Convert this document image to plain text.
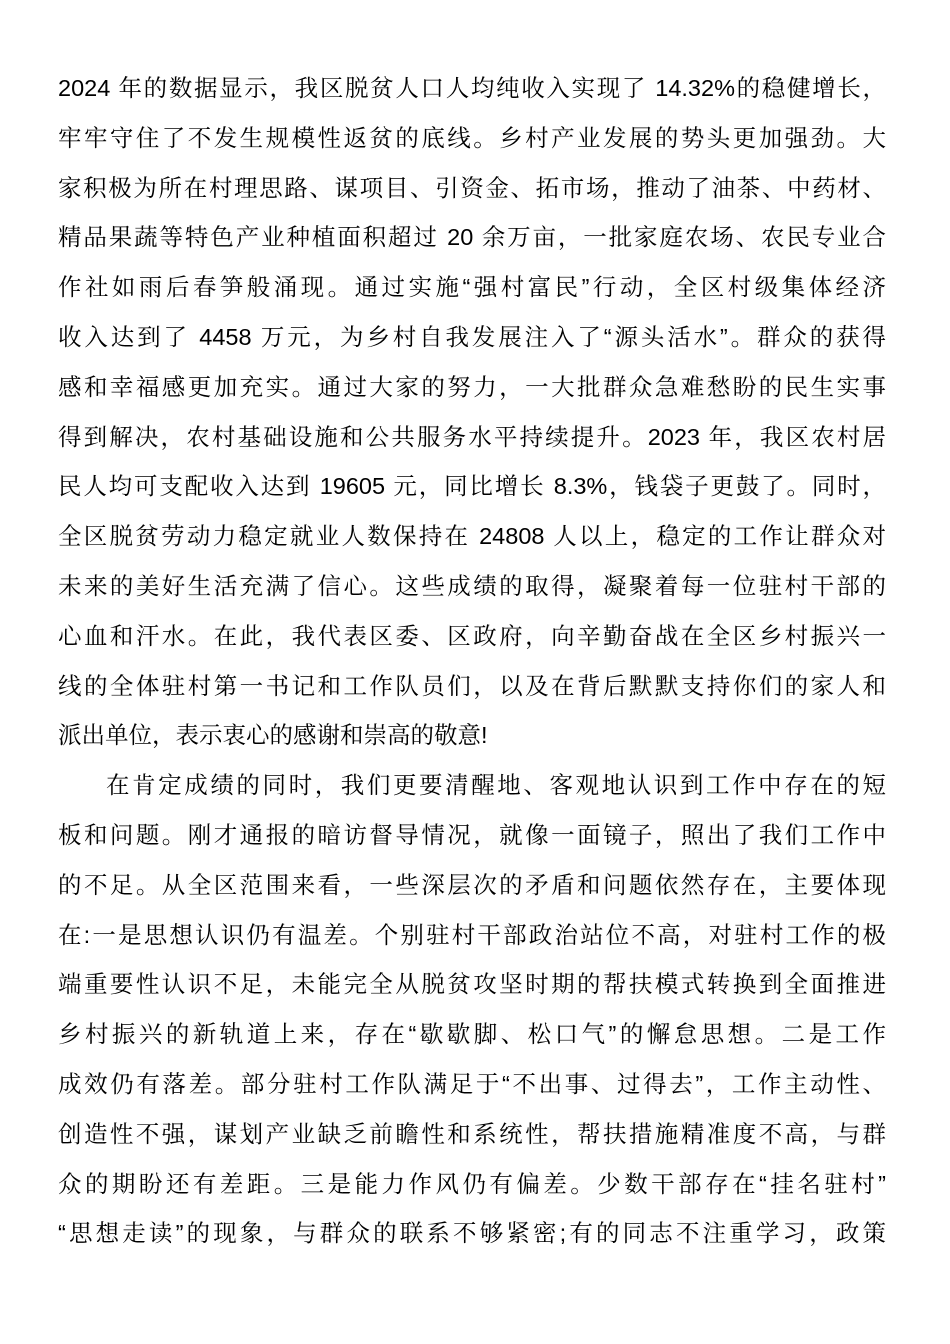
2024 年的数据显示，我区脱贫人口人均纯收入实现了 14.32%的稳健增长，
牢牢守住了不发生规模性返贫的底线。乡村产业发展的势头更加强劲。大
家积极为所在村理思路、谋项目、引资金、拓市场，推动了油茶、中药材、
精品果蔬等特色产业种植面积超过 20 余万亩，一批家庭农场、农民专业合
作社如雨后春笋般涌现。通过实施“强村富民”行动，全区村级集体经济
收入达到了 4458 万元，为乡村自我发展注入了“源头活水”。群众的获得
感和幸福感更加充实。通过大家的努力，一大批群众急难愁盼的民生实事
得到解决，农村基础设施和公共服务水平持续提升。2023 年，我区农村居
民人均可支配收入达到 19605 元，同比增长 8.3%，钱袋子更鼓了。同时，
全区脱贫劳动力稳定就业人数保持在 24808 人以上，稳定的工作让群众对
未来的美好生活充满了信心。这些成绩的取得，凝聚着每一位驻村干部的
心血和汗水。在此，我代表区委、区政府，向辛勤奋战在全区乡村振兴一
线的全体驻村第一书记和工作队员们，以及在背后默默支持你们的家人和
派出单位，表示衷心的感谢和崇高的敬意!
在肯定成绩的同时，我们更要清醒地、客观地认识到工作中存在的短
板和问题。刚才通报的暗访督导情况，就像一面镜子，照出了我们工作中
的不足。从全区范围来看，一些深层次的矛盾和问题依然存在，主要体现
在:一是思想认识仍有温差。个别驻村干部政治站位不高，对驻村工作的极
端重要性认识不足，未能完全从脱贫攻坚时期的帮扶模式转换到全面推进
乡村振兴的新轨道上来，存在“歇歇脚、松口气”的懈怠思想。二是工作
成效仍有落差。部分驻村工作队满足于“不出事、过得去”，工作主动性、
创造性不强，谋划产业缺乏前瞻性和系统性，帮扶措施精准度不高，与群
众的期盼还有差距。三是能力作风仍有偏差。少数干部存在“挂名驻村”
“思想走读”的现象，与群众的联系不够紧密;有的同志不注重学习，政策
